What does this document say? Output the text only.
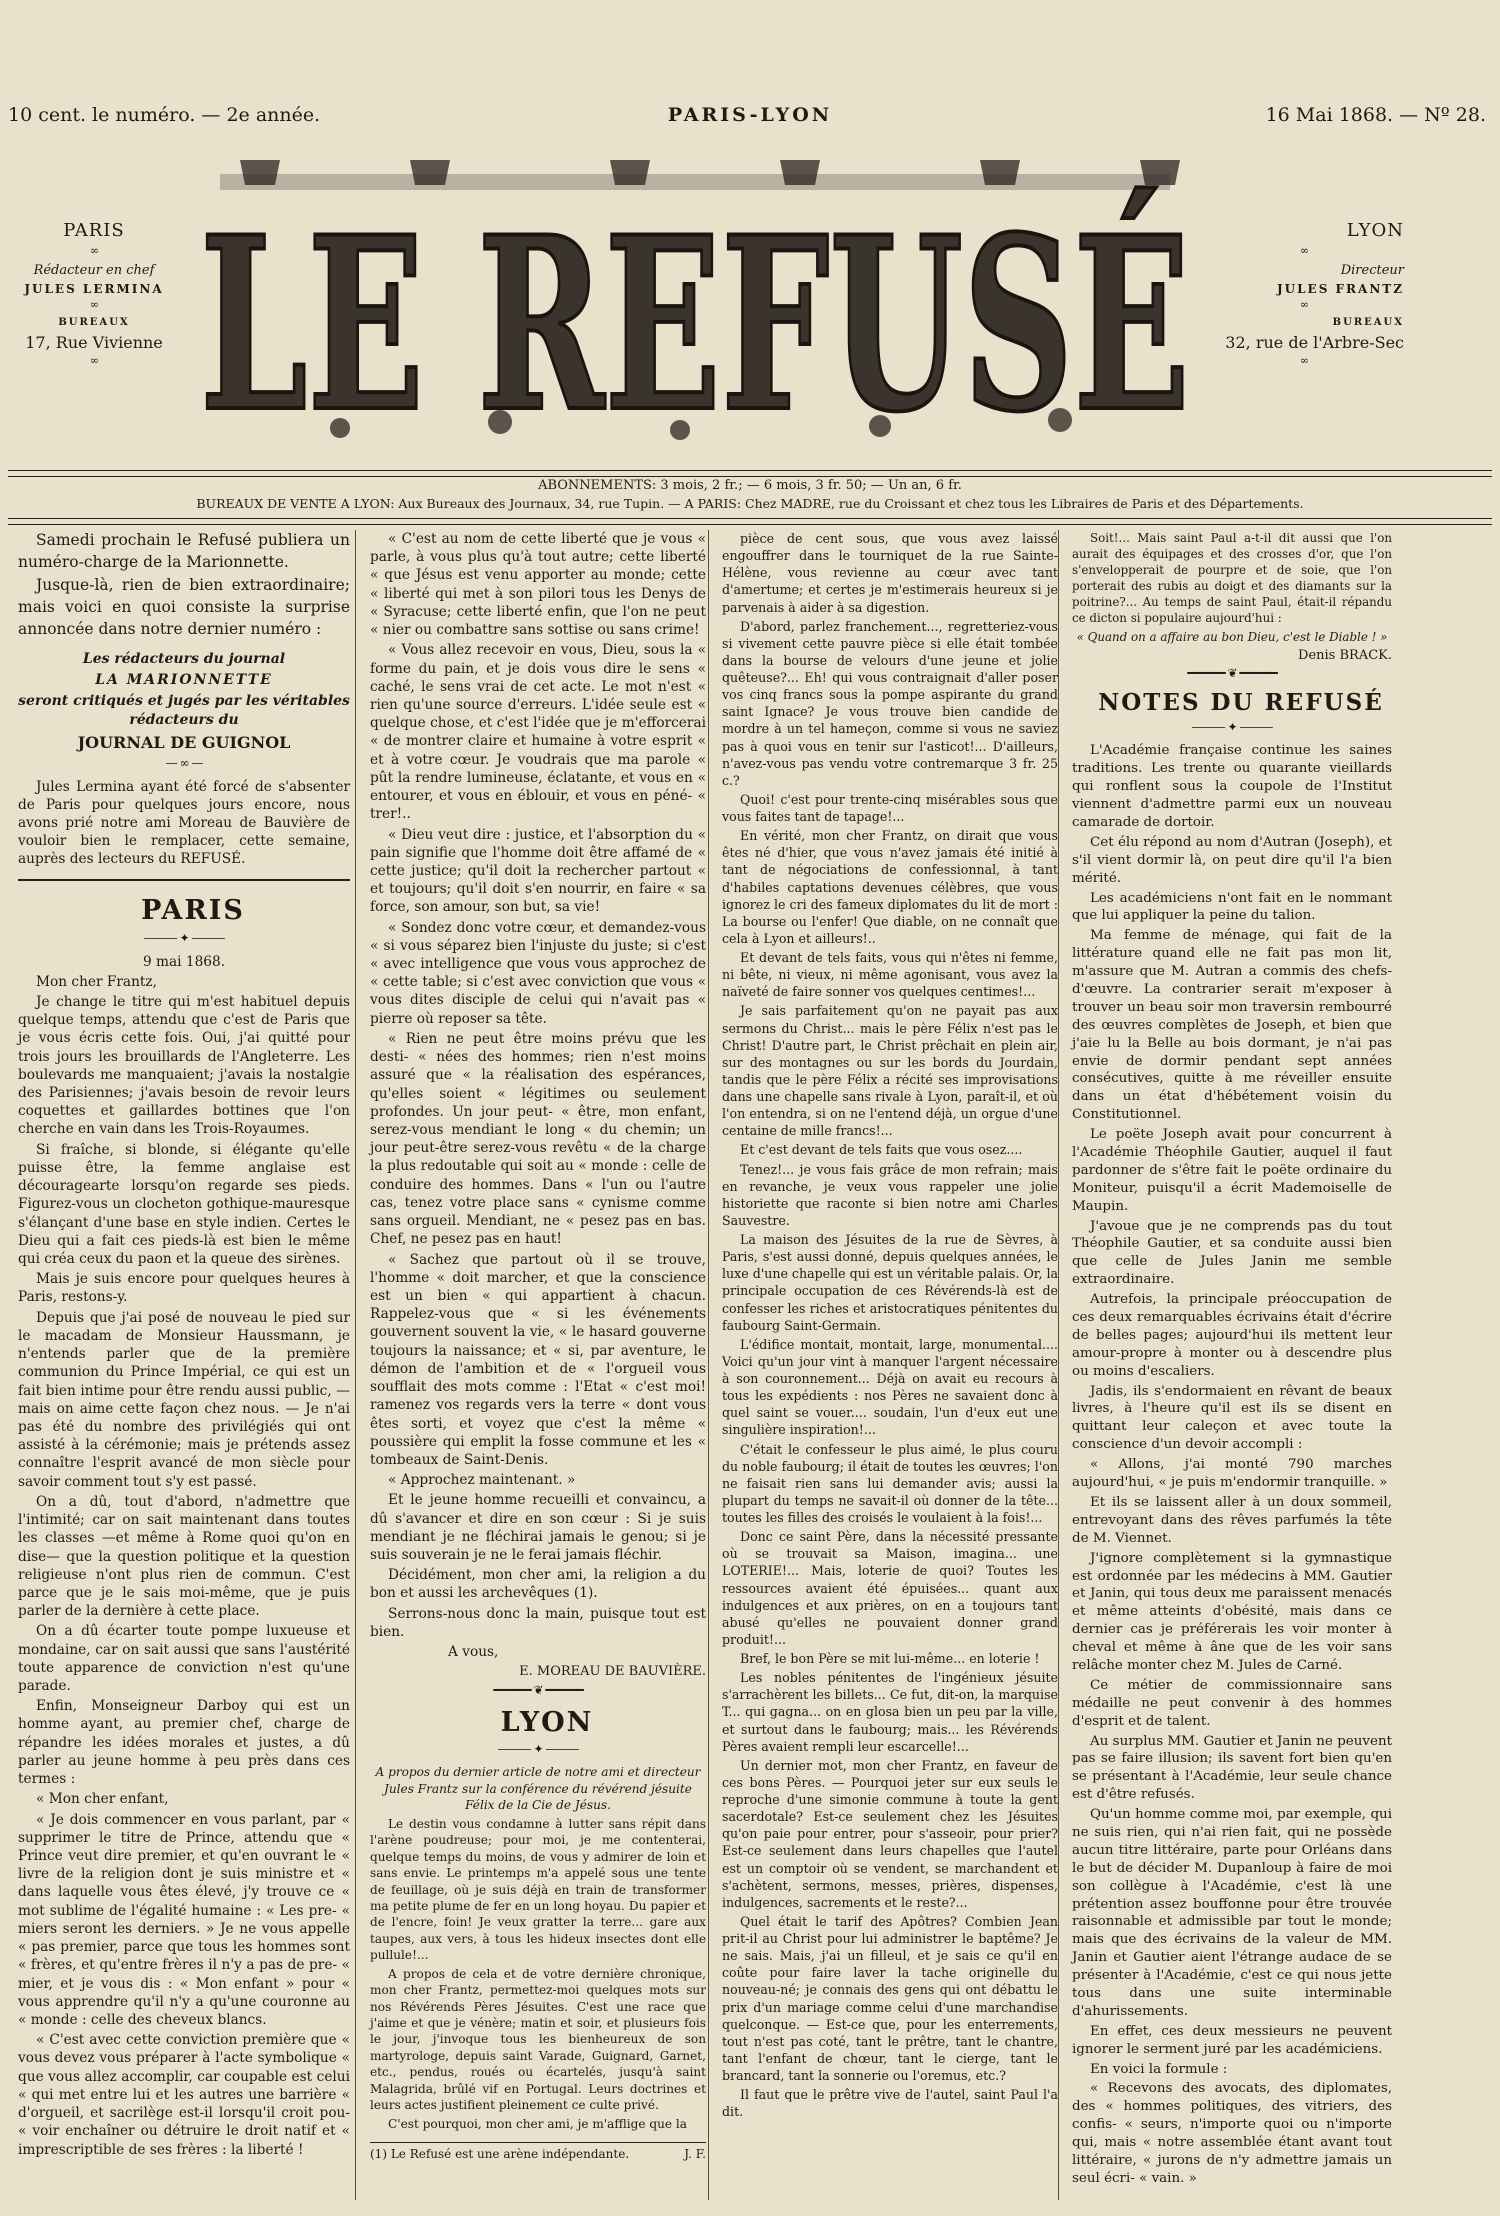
10 cent. le numéro. — 2e année.	PARIS-LYON	16 Mai 1868. — Nº 28.
PARIS
∞
Rédacteur en chef
JULES LERMINA
∞
BUREAUX
17, Rue Vivienne
∞ LE REFUSÉ	LYON
∞
Directeur
JULES FRANTZ
∞
BUREAUX
32, rue de l'Arbre-Sec
∞
ABONNEMENTS: 3 mois, 2 fr.; — 6 mois, 3 fr. 50; — Un an, 6 fr.
BUREAUX DE VENTE A LYON: Aux Bureaux des Journaux, 34, rue Tupin. — A PARIS: Chez MADRE, rue du Croissant et chez tous les Libraires de Paris et des Départements.

Samedi prochain le Refusé publiera un numéro-charge de la Marionnette.

Jusque-là, rien de bien extraordinaire; mais voici en quoi consiste la surprise annoncée dans notre dernier numéro :

Les rédacteurs du journal

LA MARIONNETTE

seront critiqués et jugés par les véritables rédacteurs du

JOURNAL DE GUIGNOL

— ∞ —

Jules Lermina ayant été forcé de s'absenter de Paris pour quelques jours encore, nous avons prié notre ami Moreau de Bauvière de vouloir bien le remplacer, cette semaine, auprès des lecteurs du REFUSÉ.

PARIS

——— ✦ ———

9 mai 1868.

Mon cher Frantz,

Je change le titre qui m'est habituel depuis quelque temps, attendu que c'est de Paris que je vous écris cette fois. Oui, j'ai quitté pour trois jours les brouillards de l'Angleterre. Les boulevards me manquaient; j'avais la nostalgie des Parisiennes; j'avais besoin de revoir leurs coquettes et gaillardes bottines que l'on cherche en vain dans les Trois-Royaumes.

Si fraîche, si blonde, si élégante qu'elle puisse être, la femme anglaise est découragearte lorsqu'on regarde ses pieds. Figurez-vous un clocheton gothique-mauresque s'élançant d'une base en style indien. Certes le Dieu qui a fait ces pieds-là est bien le même qui créa ceux du paon et la queue des sirènes.

Mais je suis encore pour quelques heures à Paris, restons-y.

Depuis que j'ai posé de nouveau le pied sur le macadam de Monsieur Haussmann, je n'entends parler que de la première communion du Prince Impérial, ce qui est un fait bien intime pour être rendu aussi public, — mais on aime cette façon chez nous. — Je n'ai pas été du nombre des privilégiés qui ont assisté à la cérémonie; mais je prétends assez connaître l'esprit avancé de mon siècle pour savoir comment tout s'y est passé.

On a dû, tout d'abord, n'admettre que l'intimité; car on sait maintenant dans toutes les classes —et même à Rome quoi qu'on en dise— que la question politique et la question religieuse n'ont plus rien de commun. C'est parce que je le sais moi-même, que je puis parler de la dernière à cette place.

On a dû écarter toute pompe luxueuse et mondaine, car on sait aussi que sans l'austérité toute apparence de conviction n'est qu'une parade.

Enfin, Monseigneur Darboy qui est un homme ayant, au premier chef, charge de répandre les idées morales et justes, a dû parler au jeune homme à peu près dans ces termes :

« Mon cher enfant,

« Je dois commencer en vous parlant, par « supprimer le titre de Prince, attendu que « Prince veut dire premier, et qu'en ouvrant le « livre de la religion dont je suis ministre et « dans laquelle vous êtes élevé, j'y trouve ce « mot sublime de l'égalité humaine : « Les pre- « miers seront les derniers. » Je ne vous appelle « pas premier, parce que tous les hommes sont « frères, et qu'entre frères il n'y a pas de pre- « mier, et je vous dis : « Mon enfant » pour « vous apprendre qu'il n'y a qu'une couronne au « monde : celle des cheveux blancs.

« C'est avec cette conviction première que « vous devez vous préparer à l'acte symbolique « que vous allez accomplir, car coupable est celui « qui met entre lui et les autres une barrière « d'orgueil, et sacrilège est-il lorsqu'il croit pou- « voir enchaîner ou détruire le droit natif et « imprescriptible de ses frères : la liberté !

« C'est au nom de cette liberté que je vous « parle, à vous plus qu'à tout autre; cette liberté « que Jésus est venu apporter au monde; cette « liberté qui met à son pilori tous les Denys de « Syracuse; cette liberté enfin, que l'on ne peut « nier ou combattre sans sottise ou sans crime!

« Vous allez recevoir en vous, Dieu, sous la « forme du pain, et je dois vous dire le sens « caché, le sens vrai de cet acte. Le mot n'est « rien qu'une source d'erreurs. L'idée seule est « quelque chose, et c'est l'idée que je m'efforcerai « de montrer claire et humaine à votre esprit « et à votre cœur. Je voudrais que ma parole « pût la rendre lumineuse, éclatante, et vous en « entourer, et vous en éblouir, et vous en péné- « trer!..

« Dieu veut dire : justice, et l'absorption du « pain signifie que l'homme doit être affamé de « cette justice; qu'il doit la rechercher partout « et toujours; qu'il doit s'en nourrir, en faire « sa force, son amour, son but, sa vie!

« Sondez donc votre cœur, et demandez-vous « si vous séparez bien l'injuste du juste; si c'est « avec intelligence que vous vous approchez de « cette table; si c'est avec conviction que vous « vous dites disciple de celui qui n'avait pas « pierre où reposer sa tête.

« Rien ne peut être moins prévu que les desti- « nées des hommes; rien n'est moins assuré que « la réalisation des espérances, qu'elles soient « légitimes ou seulement profondes. Un jour peut- « être, mon enfant, serez-vous mendiant le long « du chemin; un jour peut-être serez-vous revêtu « de la charge la plus redoutable qui soit au « monde : celle de conduire des hommes. Dans « l'un ou l'autre cas, tenez votre place sans « cynisme comme sans orgueil. Mendiant, ne « pesez pas en bas. Chef, ne pesez pas en haut!

« Sachez que partout où il se trouve, l'homme « doit marcher, et que la conscience est un bien « qui appartient à chacun. Rappelez-vous que « si les événements gouvernent souvent la vie, « le hasard gouverne toujours la naissance; et « si, par aventure, le démon de l'ambition et de « l'orgueil vous soufflait des mots comme : l'Etat « c'est moi! ramenez vos regards vers la terre « dont vous êtes sorti, et voyez que c'est la même « poussière qui emplit la fosse commune et les « tombeaux de Saint-Denis.

« Approchez maintenant. »

Et le jeune homme recueilli et convaincu, a dû s'avancer et dire en son cœur : Si je suis mendiant je ne fléchirai jamais le genou; si je suis souverain je ne le ferai jamais fléchir.

Décidément, mon cher ami, la religion a du bon et aussi les archevêques (1).

Serrons-nous donc la main, puisque tout est bien.

A vous,

E. MOREAU DE BAUVIÈRE.

━━━━━━ ❦ ━━━━━━

LYON

——— ✦ ———

A propos du dernier article de notre ami et directeur Jules Frantz sur la conférence du révérend jésuite Félix de la Cie de Jésus.

Le destin vous condamne à lutter sans répit dans l'arène poudreuse; pour moi, je me contenterai, quelque temps du moins, de vous y admirer de loin et sans envie. Le printemps m'a appelé sous une tente de feuillage, où je suis déjà en train de transformer ma petite plume de fer en un long hoyau. Du papier et de l'encre, foin! Je veux gratter la terre... gare aux taupes, aux vers, à tous les hideux insectes dont elle pullule!...

A propos de cela et de votre dernière chronique, mon cher Frantz, permettez-moi quelques mots sur nos Révérends Pères Jésuites. C'est une race que j'aime et que je vénère; matin et soir, et plusieurs fois le jour, j'invoque tous les bienheureux de son martyrologe, depuis saint Varade, Guignard, Garnet, etc., pendus, roués ou écartelés, jusqu'à saint Malagrida, brûlé vif en Portugal. Leurs doctrines et leurs actes justifient pleinement ce culte privé.

C'est pourquoi, mon cher ami, je m'afflige que la

(1) Le Refusé est une arène indépendante.	J. F.

pièce de cent sous, que vous avez laissé engouffrer dans le tourniquet de la rue Sainte-Hélène, vous revienne au cœur avec tant d'amertume; et certes je m'estimerais heureux si je parvenais à aider à sa digestion.

D'abord, parlez franchement..., regretteriez-vous si vivement cette pauvre pièce si elle était tombée dans la bourse de velours d'une jeune et jolie quêteuse?... Eh! qui vous contraignait d'aller poser vos cinq francs sous la pompe aspirante du grand saint Ignace? Je vous trouve bien candide de mordre à un tel hameçon, comme si vous ne saviez pas à quoi vous en tenir sur l'asticot!... D'ailleurs, n'avez-vous pas vendu votre contremarque 3 fr. 25 c.?

Quoi! c'est pour trente-cinq misérables sous que vous faites tant de tapage!...

En vérité, mon cher Frantz, on dirait que vous êtes né d'hier, que vous n'avez jamais été initié à tant de négociations de confessionnal, à tant d'habiles captations devenues célèbres, que vous ignorez le cri des fameux diplomates du lit de mort : La bourse ou l'enfer! Que diable, on ne connaît que cela à Lyon et ailleurs!..

Et devant de tels faits, vous qui n'êtes ni femme, ni bête, ni vieux, ni même agonisant, vous avez la naïveté de faire sonner vos quelques centimes!...

Je sais parfaitement qu'on ne payait pas aux sermons du Christ... mais le père Félix n'est pas le Christ! D'autre part, le Christ prêchait en plein air, sur des montagnes ou sur les bords du Jourdain, tandis que le père Félix a récité ses improvisations dans une chapelle sans rivale à Lyon, paraît-il, et où l'on entendra, si on ne l'entend déjà, un orgue d'une centaine de mille francs!...

Et c'est devant de tels faits que vous osez....

Tenez!... je vous fais grâce de mon refrain; mais en revanche, je veux vous rappeler une jolie historiette que raconte si bien notre ami Charles Sauvestre.

La maison des Jésuites de la rue de Sèvres, à Paris, s'est aussi donné, depuis quelques années, le luxe d'une chapelle qui est un véritable palais. Or, la principale occupation de ces Révérends-là est de confesser les riches et aristocratiques pénitentes du faubourg Saint-Germain.

L'édifice montait, montait, large, monumental.... Voici qu'un jour vint à manquer l'argent nécessaire à son couronnement... Déjà on avait eu recours à tous les expédients : nos Pères ne savaient donc à quel saint se vouer.... soudain, l'un d'eux eut une singulière inspiration!...

C'était le confesseur le plus aimé, le plus couru du noble faubourg; il était de toutes les œuvres; l'on ne faisait rien sans lui demander avis; aussi la plupart du temps ne savait-il où donner de la tête... toutes les filles des croisés le voulaient à la fois!...

Donc ce saint Père, dans la nécessité pressante où se trouvait sa Maison, imagina... une LOTERIE!... Mais, loterie de quoi? Toutes les ressources avaient été épuisées... quant aux indulgences et aux prières, on en a toujours tant abusé qu'elles ne pouvaient donner grand produit!...

Bref, le bon Père se mit lui-même... en loterie !

Les nobles pénitentes de l'ingénieux jésuite s'arrachèrent les billets... Ce fut, dit-on, la marquise T... qui gagna... on en glosa bien un peu par la ville, et surtout dans le faubourg; mais... les Révérends Pères avaient rempli leur escarcelle!...

Un dernier mot, mon cher Frantz, en faveur de ces bons Pères. — Pourquoi jeter sur eux seuls le reproche d'une simonie commune à toute la gent sacerdotale? Est-ce seulement chez les Jésuites qu'on paie pour entrer, pour s'asseoir, pour prier? Est-ce seulement dans leurs chapelles que l'autel est un comptoir où se vendent, se marchandent et s'achètent, sermons, messes, prières, dispenses, indulgences, sacrements et le reste?...

Quel était le tarif des Apôtres? Combien Jean prit-il au Christ pour lui administrer le baptême? Je ne sais. Mais, j'ai un filleul, et je sais ce qu'il en coûte pour faire laver la tache originelle du nouveau-né; je connais des gens qui ont débattu le prix d'un mariage comme celui d'une marchandise quelconque. — Est-ce que, pour les enterrements, tout n'est pas coté, tant le prêtre, tant le chantre, tant l'enfant de chœur, tant le cierge, tant le brancard, tant la sonnerie ou l'oremus, etc.?

Il faut que le prêtre vive de l'autel, saint Paul l'a dit.

Soit!... Mais saint Paul a-t-il dit aussi que l'on aurait des équipages et des crosses d'or, que l'on s'envelopperait de pourpre et de soie, que l'on porterait des rubis au doigt et des diamants sur la poitrine?... Au temps de saint Paul, était-il répandu ce dicton si populaire aujourd'hui :

« Quand on a affaire au bon Dieu, c'est le Diable ! »

Denis BRACK.

━━━━━━ ❦ ━━━━━━

NOTES DU REFUSÉ

——— ✦ ———

L'Académie française continue les saines traditions. Les trente ou quarante vieillards qui ronflent sous la coupole de l'Institut viennent d'admettre parmi eux un nouveau camarade de dortoir.

Cet élu répond au nom d'Autran (Joseph), et s'il vient dormir là, on peut dire qu'il l'a bien mérité.

Les académiciens n'ont fait en le nommant que lui appliquer la peine du talion.

Ma femme de ménage, qui fait de la littérature quand elle ne fait pas mon lit, m'assure que M. Autran a commis des chefs-d'œuvre. La contrarier serait m'exposer à trouver un beau soir mon traversin rembourré des œuvres complètes de Joseph, et bien que j'aie lu la Belle au bois dormant, je n'ai pas envie de dormir pendant sept années consécutives, quitte à me réveiller ensuite dans un état d'hébétement voisin du Constitutionnel.

Le poëte Joseph avait pour concurrent à l'Académie Théophile Gautier, auquel il faut pardonner de s'être fait le poëte ordinaire du Moniteur, puisqu'il a écrit Mademoiselle de Maupin.

J'avoue que je ne comprends pas du tout Théophile Gautier, et sa conduite aussi bien que celle de Jules Janin me semble extraordinaire.

Autrefois, la principale préoccupation de ces deux remarquables écrivains était d'écrire de belles pages; aujourd'hui ils mettent leur amour-propre à monter ou à descendre plus ou moins d'escaliers.

Jadis, ils s'endormaient en rêvant de beaux livres, à l'heure qu'il est ils se disent en quittant leur caleçon et avec toute la conscience d'un devoir accompli :

« Allons, j'ai monté 790 marches aujourd'hui, « je puis m'endormir tranquille. »

Et ils se laissent aller à un doux sommeil, entrevoyant dans des rêves parfumés la tête de M. Viennet.

J'ignore complètement si la gymnastique est ordonnée par les médecins à MM. Gautier et Janin, qui tous deux me paraissent menacés et même atteints d'obésité, mais dans ce dernier cas je préférerais les voir monter à cheval et même à âne que de les voir sans relâche monter chez M. Jules de Carné.

Ce métier de commissionnaire sans médaille ne peut convenir à des hommes d'esprit et de talent.

Au surplus MM. Gautier et Janin ne peuvent pas se faire illusion; ils savent fort bien qu'en se présentant à l'Académie, leur seule chance est d'être refusés.

Qu'un homme comme moi, par exemple, qui ne suis rien, qui n'ai rien fait, qui ne possède aucun titre littéraire, parte pour Orléans dans le but de décider M. Dupanloup à faire de moi son collègue à l'Académie, c'est là une prétention assez bouffonne pour être trouvée raisonnable et admissible par tout le monde; mais que des écrivains de la valeur de MM. Janin et Gautier aient l'étrange audace de se présenter à l'Académie, c'est ce qui nous jette tous dans une suite interminable d'ahurissements.

En effet, ces deux messieurs ne peuvent ignorer le serment juré par les académiciens.

En voici la formule :

« Recevons des avocats, des diplomates, des « hommes politiques, des vitriers, des confis- « seurs, n'importe quoi ou n'importe qui, mais « notre assemblée étant avant tout littéraire, « jurons de n'y admettre jamais un seul écri- « vain. »
